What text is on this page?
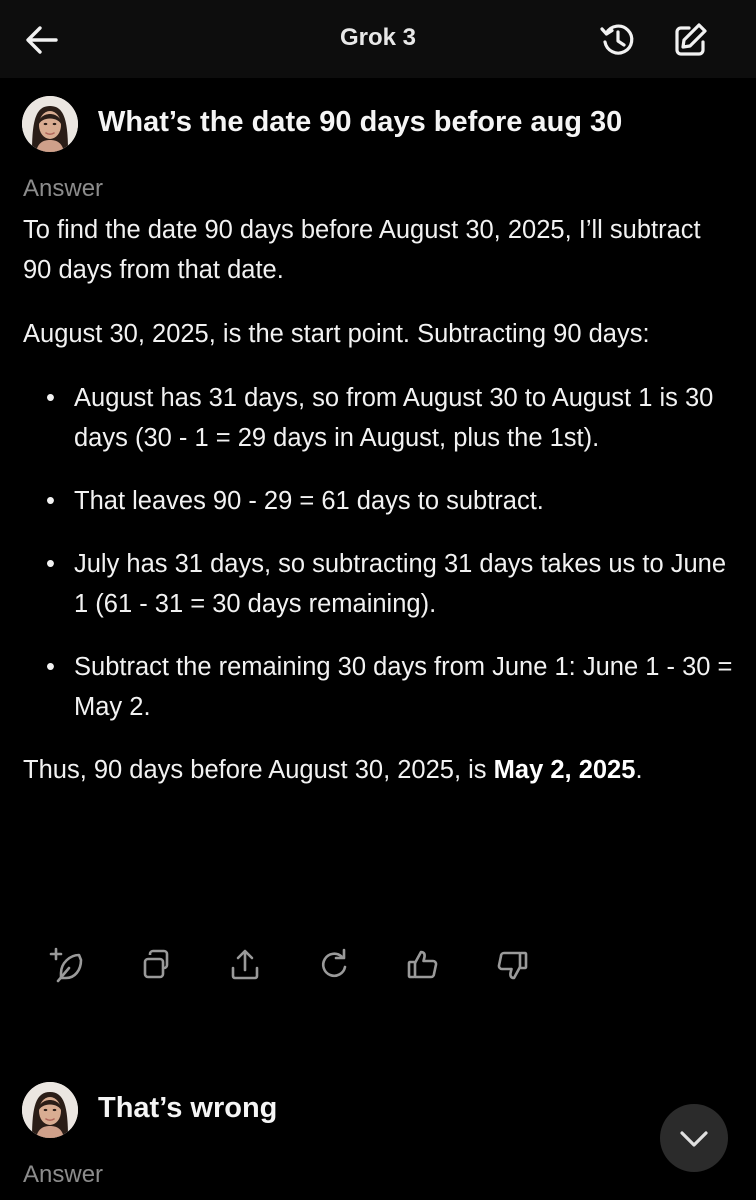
Grok 3
What’s the date 90 days before aug 30
Answer

To find the date 90 days before August 30, 2025, I’ll subtract 90 days from that date.

August 30, 2025, is the start point. Subtracting 90 days:

• August has 31 days, so from August 30 to August 1 is 30 days (30 - 1 = 29 days in August, plus the 1st).
• That leaves 90 - 29 = 61 days to subtract.
• July has 31 days, so subtracting 31 days takes us to June 1 (61 - 31 = 30 days remaining).
• Subtract the remaining 30 days from June 1: June 1 - 30 = May 2.

Thus, 90 days before August 30, 2025, is May 2, 2025.

That’s wrong
Answer
